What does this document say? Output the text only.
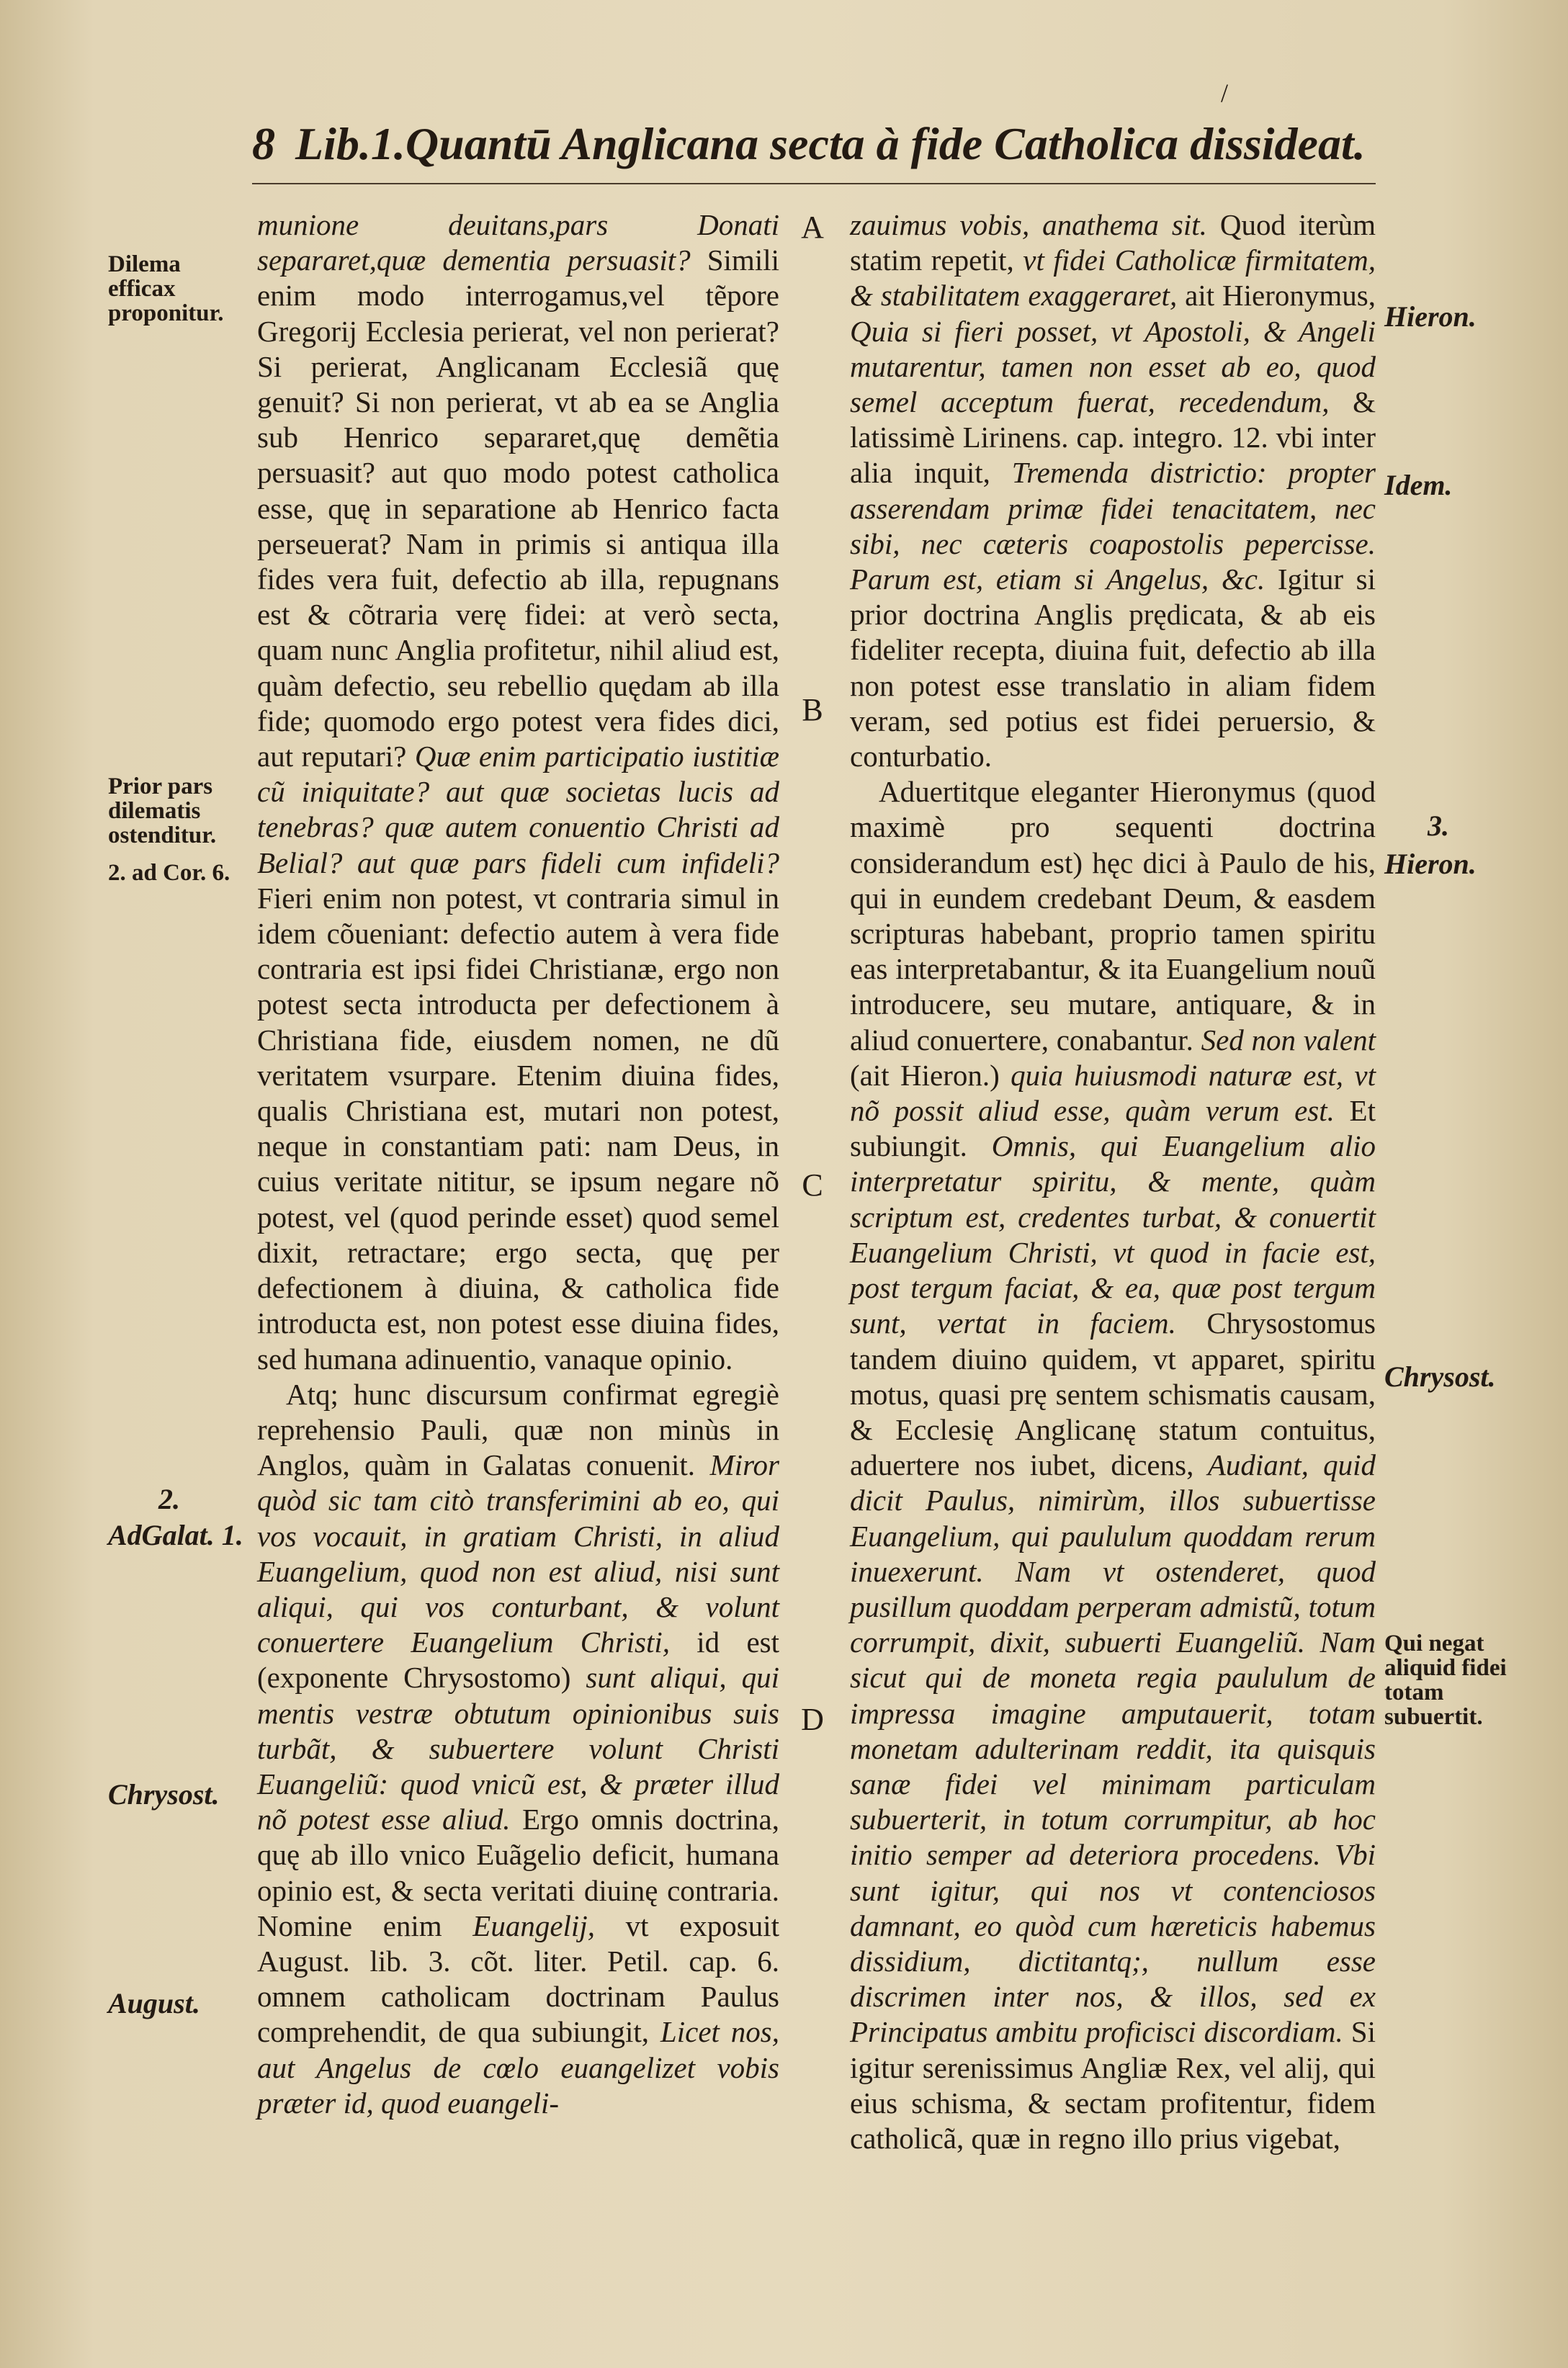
/
8 Lib.1.Quantū Anglicana secta à fide Catholica dissideat.

munione deuitans,pars Donati separaret,quæ dementia persuasit? Simili enim modo interrogamus,vel tẽpore Gregorij Ecclesia perierat, vel non perierat? Si perierat, Anglicanam Ecclesiã quę genuit? Si non perierat, vt ab ea se Anglia sub Henrico separaret,quę demẽtia persuasit? aut quo modo potest catholica esse, quę in separatione ab Henrico facta perseuerat? Nam in primis si antiqua illa fides vera fuit, defectio ab illa, repugnans est & cõtraria verę fidei: at verò secta, quam nunc Anglia profitetur, nihil aliud est, quàm defectio, seu rebellio quędam ab illa fide; quomodo ergo potest vera fides dici, aut reputari? Quæ enim participatio iustitiæ cũ iniquitate? aut quæ societas lucis ad tenebras? quæ autem conuentio Christi ad Belial? aut quæ pars fideli cum infideli? Fieri enim non potest, vt contraria simul in idem cõueniant: defectio autem à vera fide contraria est ipsi fidei Christianæ, ergo non potest secta introducta per defectionem à Christiana fide, eiusdem nomen, ne dũ veritatem vsurpare. Etenim diuina fides, qualis Christiana est, mutari non potest, neque in constantiam pati: nam Deus, in cuius veritate nititur, se ipsum negare nõ potest, vel (quod perinde esset) quod semel dixit, retractare; ergo secta, quę per defectionem à diuina, & catholica fide introducta est, non potest esse diuina fides, sed humana adinuentio, vanaque opinio.

Atq; hunc discursum confirmat egregiè reprehensio Pauli, quæ non minùs in Anglos, quàm in Galatas conuenit. Miror quòd sic tam citò transferimini ab eo, qui vos vocauit, in gratiam Christi, in aliud Euangelium, quod non est aliud, nisi sunt aliqui, qui vos conturbant, & volunt conuertere Euangelium Christi, id est (exponente Chrysostomo) sunt aliqui, qui mentis vestræ obtutum opinionibus suis turbãt, & subuertere volunt Christi Euangeliũ: quod vnicũ est, & præter illud nõ potest esse aliud. Ergo omnis doctrina, quę ab illo vnico Euãgelio deficit, humana opinio est, & secta veritati diuinę contraria. Nomine enim Euangelij, vt exposuit August. lib. 3. cõt. liter. Petil. cap. 6. omnem catholicam doctrinam Paulus comprehendit, de qua subiungit, Licet nos, aut Angelus de cœlo euangelizet vobis præter id, quod euangeli-

zauimus vobis, anathema sit. Quod iterùm statim repetit, vt fidei Catholicæ firmitatem, & stabilitatem exaggeraret, ait Hieronymus, Quia si fieri posset, vt Apostoli, & Angeli mutarentur, tamen non esset ab eo, quod semel acceptum fuerat, recedendum, & latissimè Lirinens. cap. integro. 12. vbi inter alia inquit, Tremenda districtio: propter asserendam primæ fidei tenacitatem, nec sibi, nec cæteris coapostolis pepercisse. Parum est, etiam si Angelus, &c. Igitur si prior doctrina Anglis prędicata, & ab eis fideliter recepta, diuina fuit, defectio ab illa non potest esse translatio in aliam fidem veram, sed potius est fidei peruersio, & conturbatio.

Aduertitque eleganter Hieronymus (quod maximè pro sequenti doctrina considerandum est) hęc dici à Paulo de his, qui in eundem credebant Deum, & easdem scripturas habebant, proprio tamen spiritu eas interpretabantur, & ita Euangelium nouũ introducere, seu mutare, antiquare, & in aliud conuertere, conabantur. Sed non valent (ait Hieron.) quia huiusmodi naturæ est, vt nõ possit aliud esse, quàm verum est. Et subiungit. Omnis, qui Euangelium alio interpretatur spiritu, & mente, quàm scriptum est, credentes turbat, & conuertit Euangelium Christi, vt quod in facie est, post tergum faciat, & ea, quæ post tergum sunt, vertat in faciem. Chrysostomus tandem diuino quidem, vt apparet, spiritu motus, quasi prę sentem schismatis causam, & Ecclesię Anglicanę statum contuitus, aduertere nos iubet, dicens, Audiant, quid dicit Paulus, nimirùm, illos subuertisse Euangelium, qui paululum quoddam rerum inuexerunt. Nam vt ostenderet, quod pusillum quoddam perperam admistũ, totum corrumpit, dixit, subuerti Euangeliũ. Nam sicut qui de moneta regia paululum de impressa imagine amputauerit, totam monetam adulterinam reddit, ita quisquis sanæ fidei vel minimam particulam subuerterit, in totum corrumpitur, ab hoc initio semper ad deteriora procedens. Vbi sunt igitur, qui nos vt contenciosos damnant, eo quòd cum hæreticis habemus dissidium, dictitantq;, nullum esse discrimen inter nos, & illos, sed ex Principatus ambitu proficisci discordiam. Si igitur serenissimus Angliæ Rex, vel alij, qui eius schisma, & sectam profitentur, fidem catholicã, quæ in regno illo prius vigebat,

A
B
C
D
Dilema efficax proponitur.
Prior pars dilematis ostenditur.
2. ad Cor. 6.
2.
AdGalat. 1.
Chrysost.
August.
Hieron.
Idem.
3.
Hieron.
Chrysost.
Qui negat aliquid fidei totam subuertit.
